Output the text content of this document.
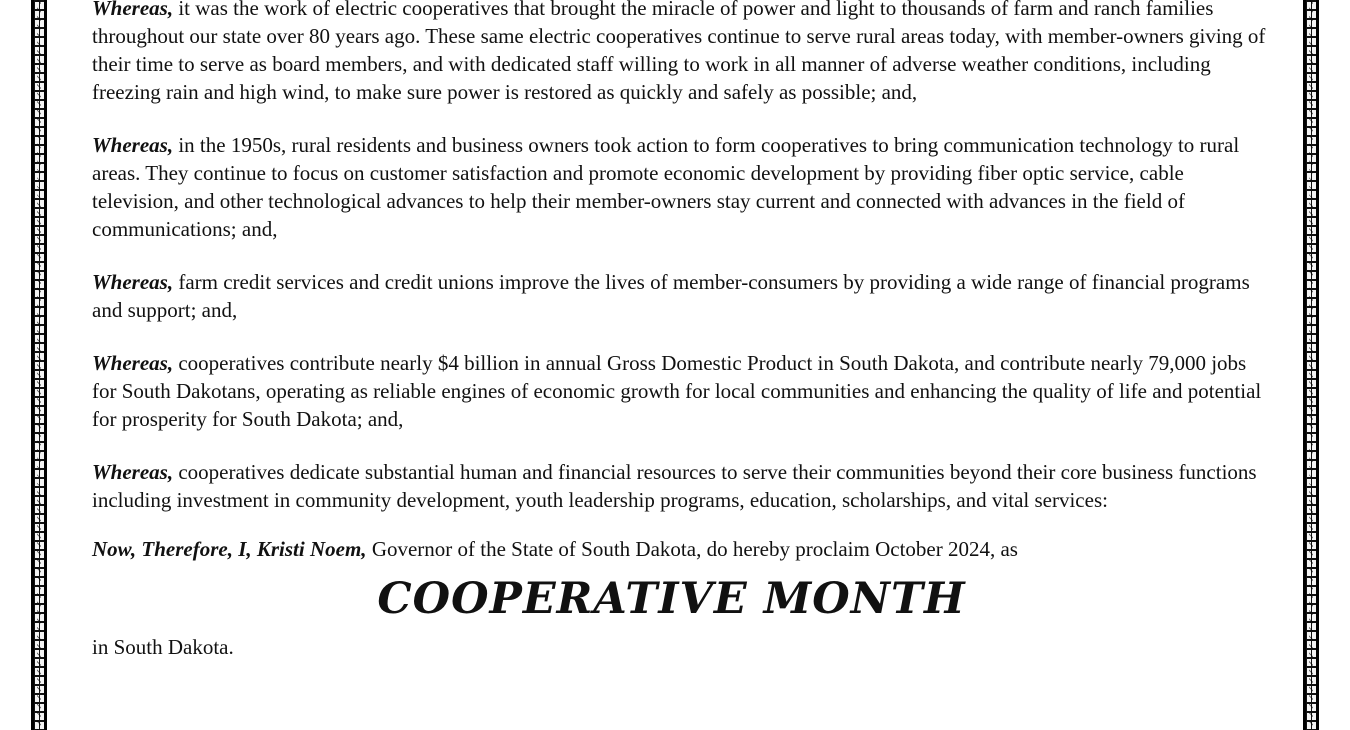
Whereas, it was the work of electric cooperatives that brought the miracle of power and light to thousands of farm and ranch families throughout our state over 80 years ago. These same electric cooperatives continue to serve rural areas today, with member-owners giving of their time to serve as board members, and with dedicated staff willing to work in all manner of adverse weather conditions, including freezing rain and high wind, to make sure power is restored as quickly and safely as possible; and,

Whereas, in the 1950s, rural residents and business owners took action to form cooperatives to bring communication technology to rural areas. They continue to focus on customer satisfaction and promote economic development by providing fiber optic service, cable television, and other technological advances to help their member-owners stay current and connected with advances in the field of communications; and,

Whereas, farm credit services and credit unions improve the lives of member-consumers by providing a wide range of financial programs and support; and,

Whereas, cooperatives contribute nearly $4 billion in annual Gross Domestic Product in South Dakota, and contribute nearly 79,000 jobs for South Dakotans, operating as reliable engines of economic growth for local communities and enhancing the quality of life and potential for prosperity for South Dakota; and,

Whereas, cooperatives dedicate substantial human and financial resources to serve their communities beyond their core business functions including investment in community development, youth leadership programs, education, scholarships, and vital services:

Now, Therefore, I, Kristi Noem, Governor of the State of South Dakota, do hereby proclaim October 2024, as

COOPERATIVE MONTH
in South Dakota.
